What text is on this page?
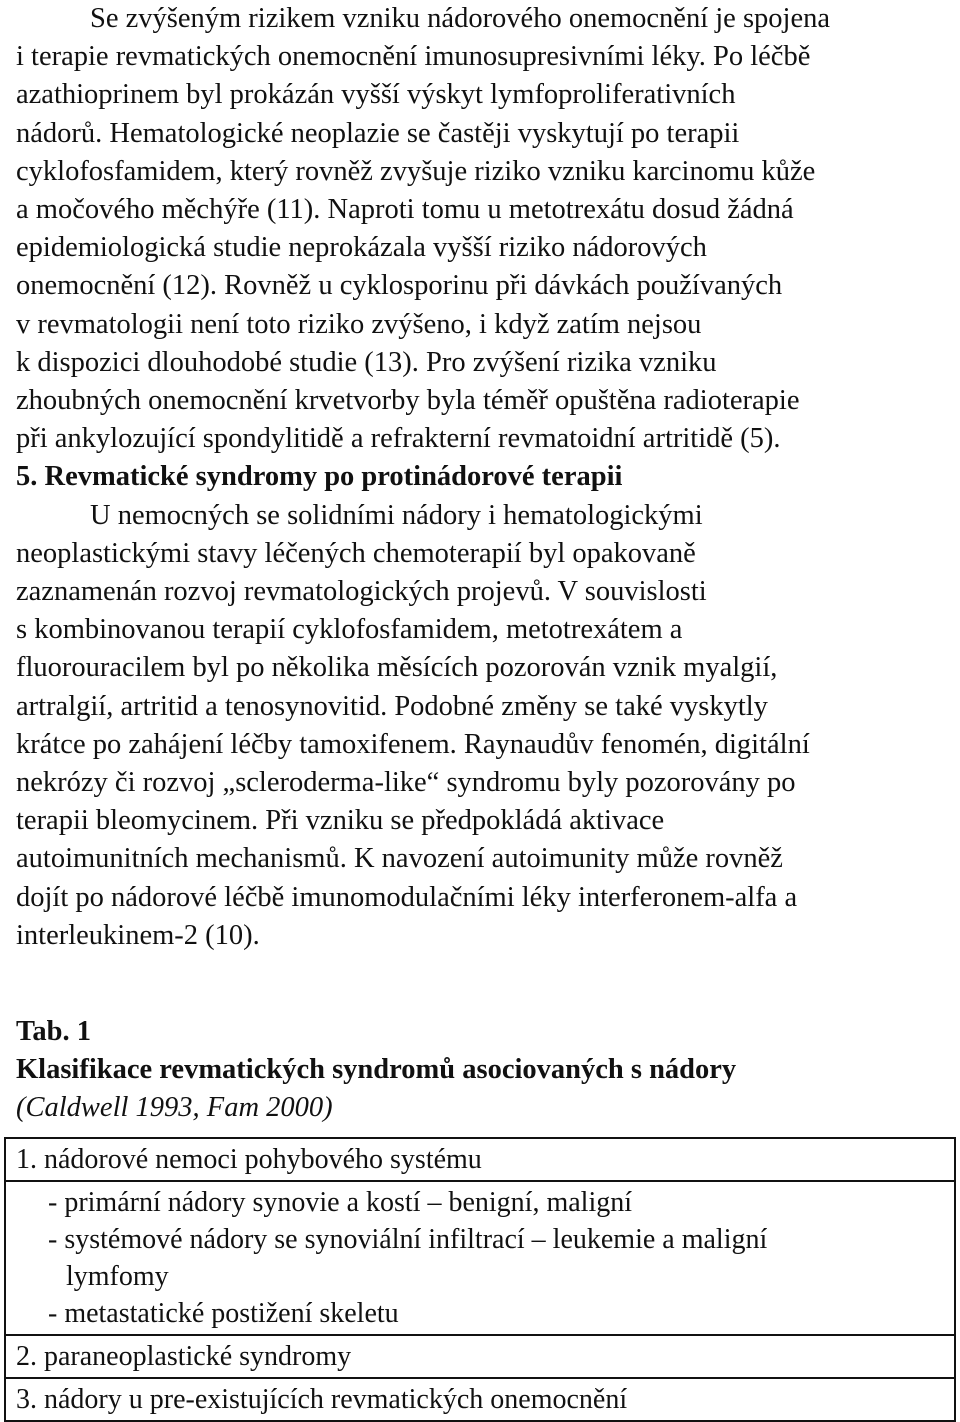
Se zvýšeným rizikem vzniku nádorového onemocnění je spojena
i terapie revmatických onemocnění imunosupresivními léky. Po léčbě
azathioprinem byl prokázán vyšší výskyt lymfoproliferativních
nádorů. Hematologické neoplazie se častěji vyskytují po terapii
cyklofosfamidem, který rovněž zvyšuje riziko vzniku karcinomu kůže
a močového měchýře (11). Naproti tomu u metotrexátu dosud žádná
epidemiologická studie neprokázala vyšší riziko nádorových
onemocnění (12). Rovněž u cyklosporinu při dávkách používaných
v revmatologii není toto riziko zvýšeno, i když zatím nejsou
k dispozici dlouhodobé studie (13). Pro zvýšení rizika vzniku
zhoubných onemocnění krvetvorby byla téměř opuštěna radioterapie
při ankylozující spondylitidě a refrakterní revmatoidní artritidě (5).
5. Revmatické syndromy po protinádorové terapii
U nemocných se solidními nádory i hematologickými
neoplastickými stavy léčených chemoterapií byl opakovaně
zaznamenán rozvoj revmatologických projevů. V souvislosti
s kombinovanou terapií cyklofosfamidem, metotrexátem a
fluorouracilem byl po několika měsících pozorován vznik myalgií,
artralgií, artritid a tenosynovitid. Podobné změny se také vyskytly
krátce po zahájení léčby tamoxifenem. Raynaudův fenomén, digitální
nekrózy či rozvoj „scleroderma-like“ syndromu byly pozorovány po
terapii bleomycinem. Při vzniku se předpokládá aktivace
autoimunitních mechanismů. K navození autoimunity může rovněž
dojít po nádorové léčbě imunomodulačními léky interferonem-alfa a
interleukinem-2 (10).
Tab. 1
Klasifikace revmatických syndromů asociovaných s nádory
(Caldwell 1993, Fam 2000)
1. nádorové nemoci pohybového systému

- primární nádory synovie a kostí – benigní, maligní
- systémové nádory se synoviální infiltrací – leukemie a maligní
lymfomy
- metastatické postižení skeletu

2. paraneoplastické syndromy
3. nádory u pre-existujících revmatických onemocnění
